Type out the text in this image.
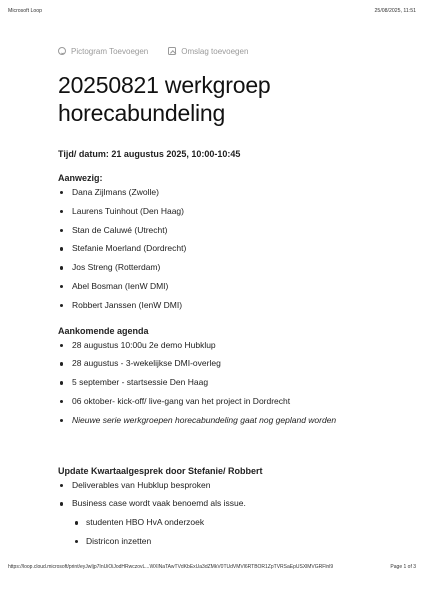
Microsoft Loop	25/08/2025, 11:51
Pictogram Toevoegen	Omslag toevoegen
20250821 werkgroep horecabundeling
Tijd/ datum: 21 augustus 2025, 10:00-10:45
Aanwezig:
Dana Zijlmans (Zwolle)
Laurens Tuinhout (Den Haag)
Stan de Caluwé (Utrecht)
Stefanie Moerland (Dordrecht)
Jos Streng (Rotterdam)
Abel Bosman (IenW DMI)
Robbert Janssen (IenW DMI)
Aankomende agenda
28 augustus 10:00u 2e demo Hubklup
28 augustus - 3-wekelijkse DMI-overleg
5 september - startsessie Den Haag
06 oktober- kick-off/ live-gang van het project in Dordrecht
Nieuwe serie werkgroepen horecabundeling gaat nog gepland worden
Update Kwartaalgesprek door Stefanie/ Robbert
Deliverables van Hubklup besproken
Business case wordt vaak benoemd als issue.
studenten HBO HvA onderzoek
Districon inzetten
https://loop.cloud.microsoft/print/eyJwIjp7InUiOiJodHRwczovL...WXlNaTAwTVdKbExUa3dZMkV0TUdVMVl6RTBOR1ZpTVRSaEpUSXlMVGRFlnl9	Page 1 of 3
